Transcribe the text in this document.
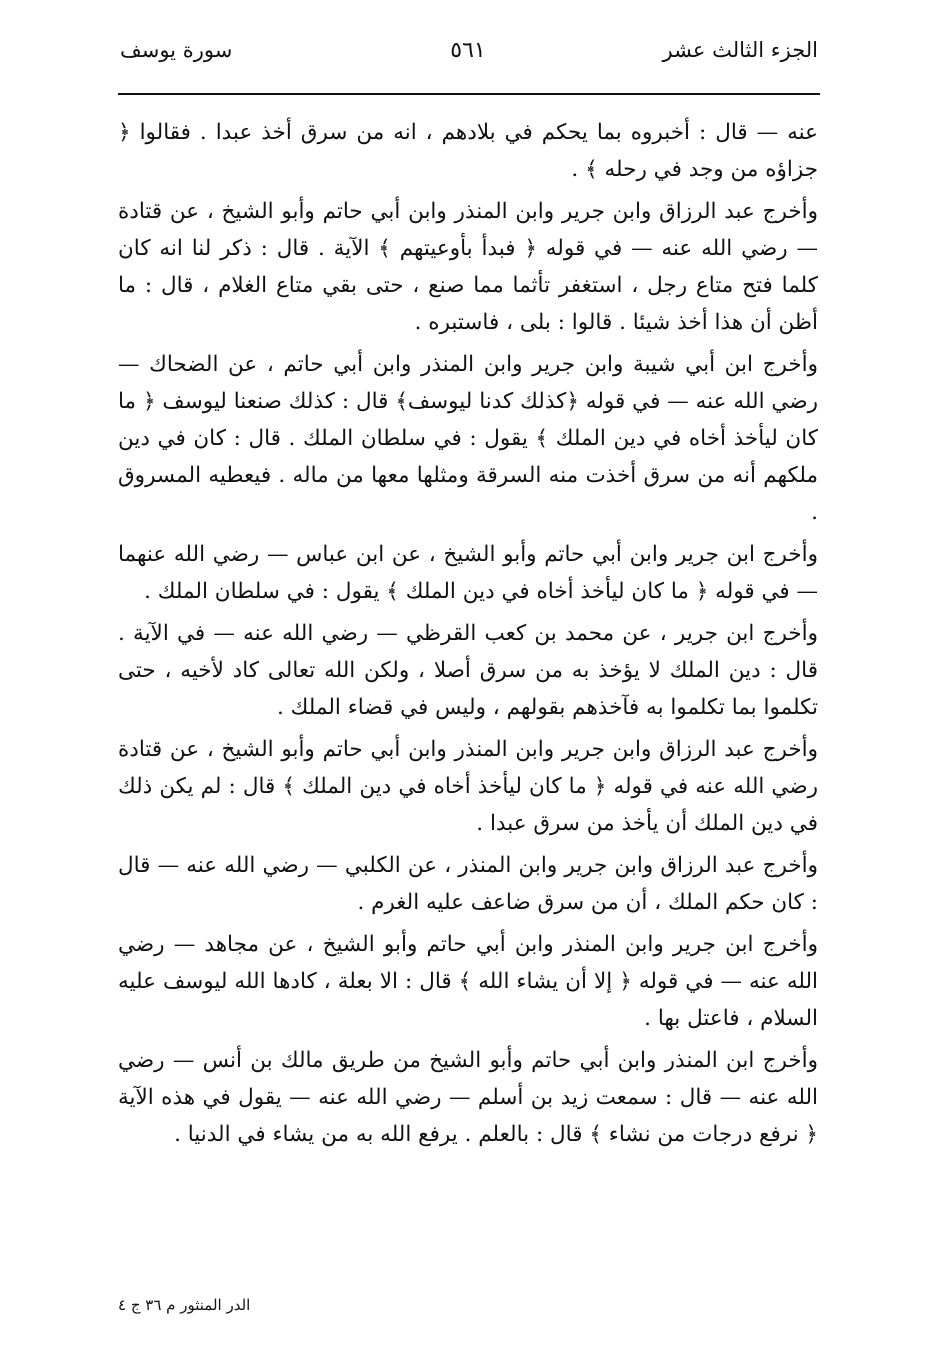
الجزء الثالث عشر
٥٦١
سورة يوسف

عنه — قال : أخبروه بما يحكم في بلادهم ، انه من سرق أخذ عبدا . فقالوا ﴿ جزاؤه من وجد في رحله ﴾ .

وأخرج عبد الرزاق وابن جرير وابن المنذر وابن أبي حاتم وأبو الشيخ ، عن قتادة — رضي الله عنه — في قوله ﴿ فبدأ بأوعيتهم ﴾ الآية . قال : ذكر لنا انه كان كلما فتح متاع رجل ، استغفر تأثما مما صنع ، حتى بقي متاع الغلام ، قال : ما أظن أن هذا أخذ شيئا . قالوا : بلى ، فاستبره .

وأخرج ابن أبي شيبة وابن جرير وابن المنذر وابن أبي حاتم ، عن الضحاك — رضي الله عنه — في قوله ﴿كذلك كدنا ليوسف﴾ قال : كذلك صنعنا ليوسف ﴿ ما كان ليأخذ أخاه في دين الملك ﴾ يقول : في سلطان الملك . قال : كان في دين ملكهم أنه من سرق أخذت منه السرقة ومثلها معها من ماله . فيعطيه المسروق .

وأخرج ابن جرير وابن أبي حاتم وأبو الشيخ ، عن ابن عباس — رضي الله عنهما — في قوله ﴿ ما كان ليأخذ أخاه في دين الملك ﴾ يقول : في سلطان الملك .

وأخرج ابن جرير ، عن محمد بن كعب القرظي — رضي الله عنه — في الآية . قال : دين الملك لا يؤخذ به من سرق أصلا ، ولكن الله تعالى كاد لأخيه ، حتى تكلموا بما تكلموا به فآخذهم بقولهم ، وليس في قضاء الملك .

وأخرج عبد الرزاق وابن جرير وابن المنذر وابن أبي حاتم وأبو الشيخ ، عن قتادة رضي الله عنه في قوله ﴿ ما كان ليأخذ أخاه في دين الملك ﴾ قال : لم يكن ذلك في دين الملك أن يأخذ من سرق عبدا .

وأخرج عبد الرزاق وابن جرير وابن المنذر ، عن الكلبي — رضي الله عنه — قال : كان حكم الملك ، أن من سرق ضاعف عليه الغرم .

وأخرج ابن جرير وابن المنذر وابن أبي حاتم وأبو الشيخ ، عن مجاهد — رضي الله عنه — في قوله ﴿ إلا أن يشاء الله ﴾ قال : الا بعلة ، كادها الله ليوسف عليه السلام ، فاعتل بها .

وأخرج ابن المنذر وابن أبي حاتم وأبو الشيخ من طريق مالك بن أنس — رضي الله عنه — قال : سمعت زيد بن أسلم — رضي الله عنه — يقول في هذه الآية ﴿ نرفع درجات من نشاء ﴾ قال : بالعلم . يرفع الله به من يشاء في الدنيا .

الدر المنثور م ٣٦ ج ٤
